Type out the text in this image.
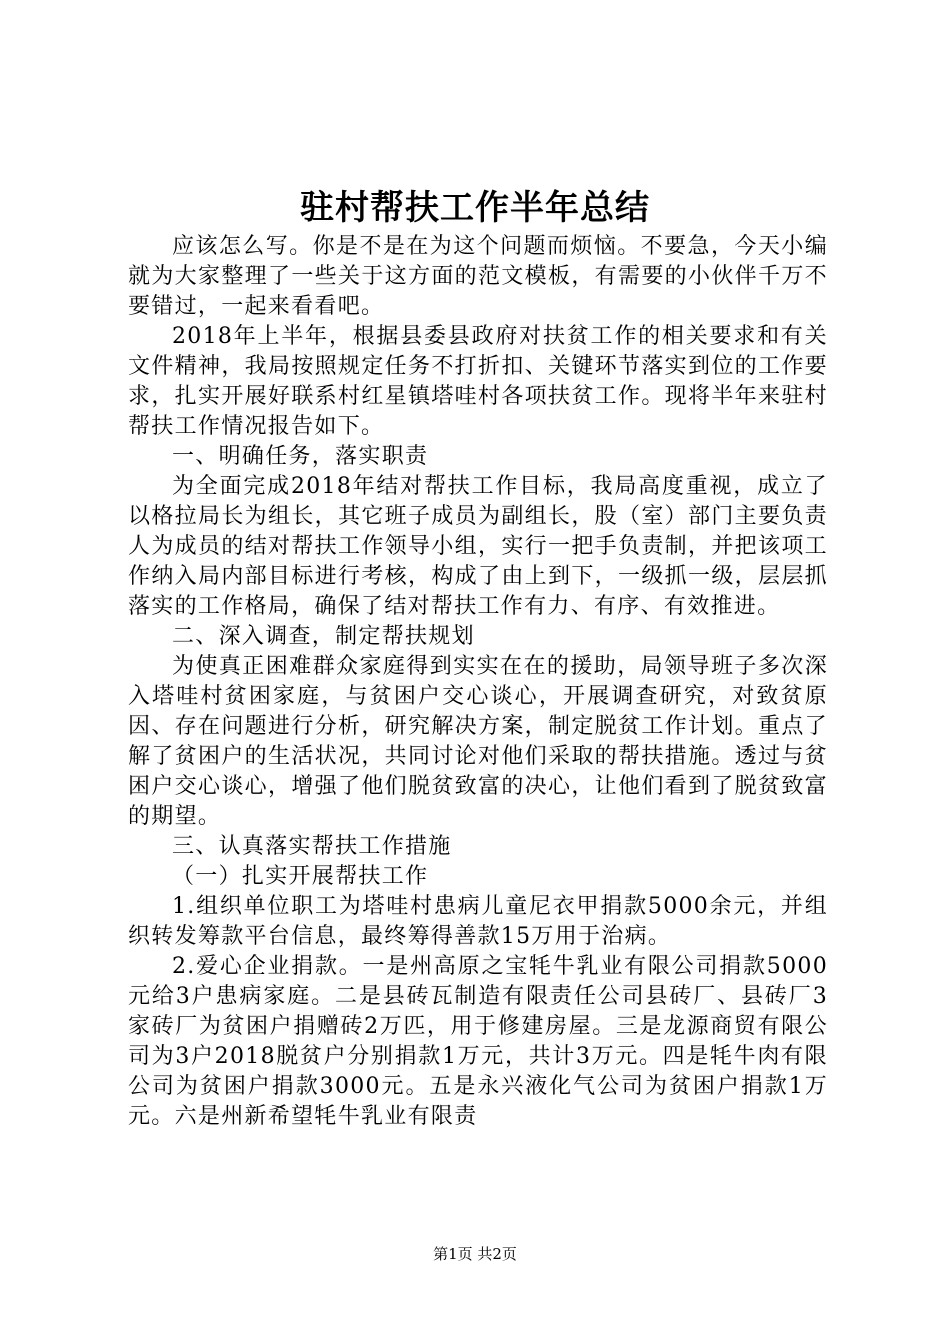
驻村帮扶工作半年总结

应该怎么写。你是不是在为这个问题而烦恼。不要急，今天小编就为大家整理了一些关于这方面的范文模板，有需要的小伙伴千万不要错过，一起来看看吧。

2018年上半年，根据县委县政府对扶贫工作的相关要求和有关文件精神，我局按照规定任务不打折扣、关键环节落实到位的工作要求，扎实开展好联系村红星镇塔哇村各项扶贫工作。现将半年来驻村帮扶工作情况报告如下。

一、明确任务，落实职责

为全面完成2018年结对帮扶工作目标，我局高度重视，成立了以格拉局长为组长，其它班子成员为副组长，股（室）部门主要负责人为成员的结对帮扶工作领导小组，实行一把手负责制，并把该项工作纳入局内部目标进行考核，构成了由上到下，一级抓一级，层层抓落实的工作格局，确保了结对帮扶工作有力、有序、有效推进。

二、深入调查，制定帮扶规划

为使真正困难群众家庭得到实实在在的援助，局领导班子多次深入塔哇村贫困家庭，与贫困户交心谈心，开展调查研究，对致贫原因、存在问题进行分析，研究解决方案，制定脱贫工作计划。重点了解了贫困户的生活状况，共同讨论对他们采取的帮扶措施。透过与贫困户交心谈心，增强了他们脱贫致富的决心，让他们看到了脱贫致富的期望。

三、认真落实帮扶工作措施

（一）扎实开展帮扶工作

1.组织单位职工为塔哇村患病儿童尼衣甲捐款5000余元，并组织转发筹款平台信息，最终筹得善款15万用于治病。

2.爱心企业捐款。一是州高原之宝牦牛乳业有限公司捐款5000元给3户患病家庭。二是县砖瓦制造有限责任公司县砖厂、县砖厂3家砖厂为贫困户捐赠砖2万匹，用于修建房屋。三是龙源商贸有限公司为3户2018脱贫户分别捐款1万元，共计3万元。四是牦牛肉有限公司为贫困户捐款3000元。五是永兴液化气公司为贫困户捐款1万元。六是州新希望牦牛乳业有限责

第1页 共2页
